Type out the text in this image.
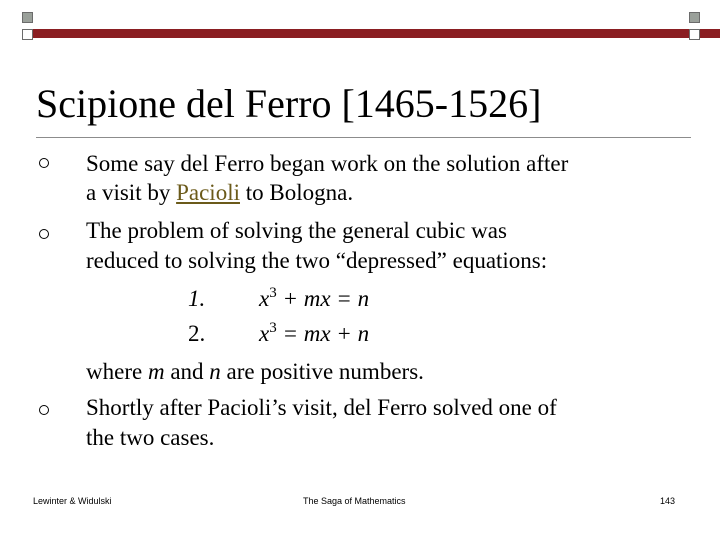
Scipione del Ferro [1465-1526]
Some say del Ferro began work on the solution after
a visit by Pacioli to Bologna.
The problem of solving the general cubic was
reduced to solving the two “depressed” equations:
1. $x^3$ + mx = n
2. $x^3$ = mx + n
where m and n are positive numbers.
Shortly after Pacioli’s visit, del Ferro solved one of
the two cases.
Lewinter & Widulski	The Saga of Mathematics	143
